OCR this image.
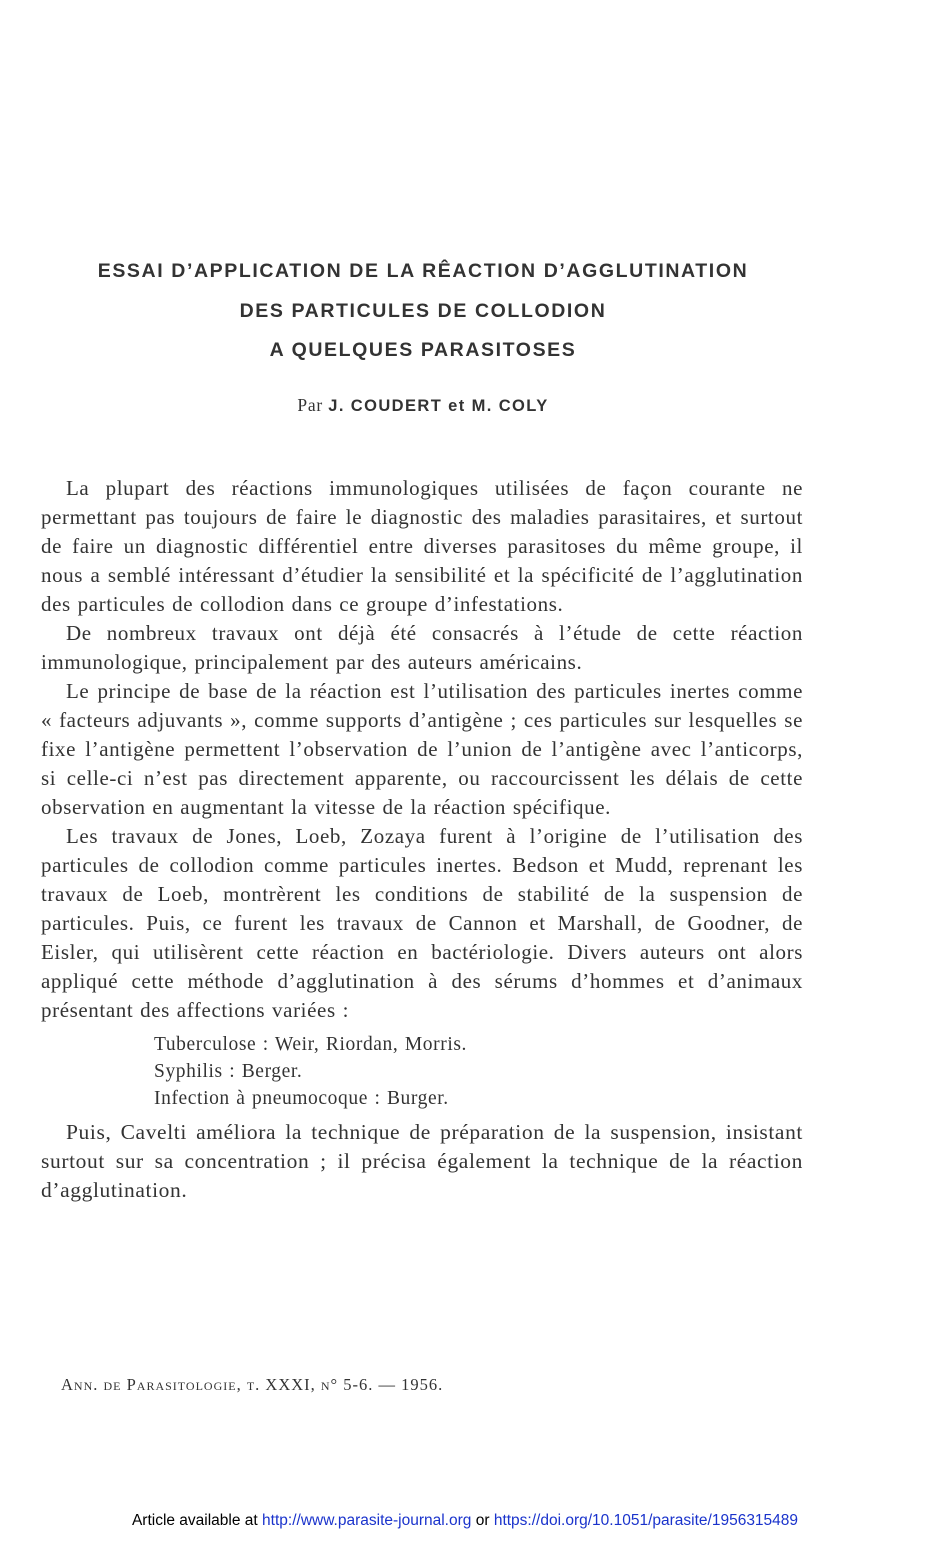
ESSAI D’APPLICATION DE LA RÊACTION D’AGGLUTINATION
DES PARTICULES DE COLLODION
A QUELQUES PARASITOSES
Par J. COUDERT et M. COLY

La plupart des réactions immunologiques utilisées de façon courante ne permettant pas toujours de faire le diagnostic des maladies parasitaires, et surtout de faire un diagnostic différentiel entre diverses parasitoses du même groupe, il nous a semblé intéressant d’étudier la sensibilité et la spécificité de l’agglutination des particules de collodion dans ce groupe d’infestations.

De nombreux travaux ont déjà été consacrés à l’étude de cette réaction immunologique, principalement par des auteurs américains.

Le principe de base de la réaction est l’utilisation des particules inertes comme « facteurs adjuvants », comme supports d’antigène ; ces particules sur lesquelles se fixe l’antigène permettent l’observation de l’union de l’antigène avec l’anticorps, si celle-ci n’est pas directement apparente, ou raccourcissent les délais de cette observation en augmentant la vitesse de la réaction spécifique.

Les travaux de Jones, Loeb, Zozaya furent à l’origine de l’utilisation des particules de collodion comme particules inertes. Bedson et Mudd, reprenant les travaux de Loeb, montrèrent les conditions de stabilité de la suspension de particules. Puis, ce furent les travaux de Cannon et Marshall, de Goodner, de Eisler, qui utilisèrent cette réaction en bactériologie. Divers auteurs ont alors appliqué cette méthode d’agglutination à des sérums d’hommes et d’animaux présentant des affections variées :

Tuberculose : Weir, Riordan, Morris.
Syphilis : Berger.
Infection à pneumocoque : Burger.

Puis, Cavelti améliora la technique de préparation de la suspension, insistant surtout sur sa concentration ; il précisa également la technique de la réaction d’agglutination.

Ann. de Parasitologie, t. XXXI, n° 5-6. — 1956.
Article available at http://www.parasite-journal.org or https://doi.org/10.1051/parasite/1956315489
